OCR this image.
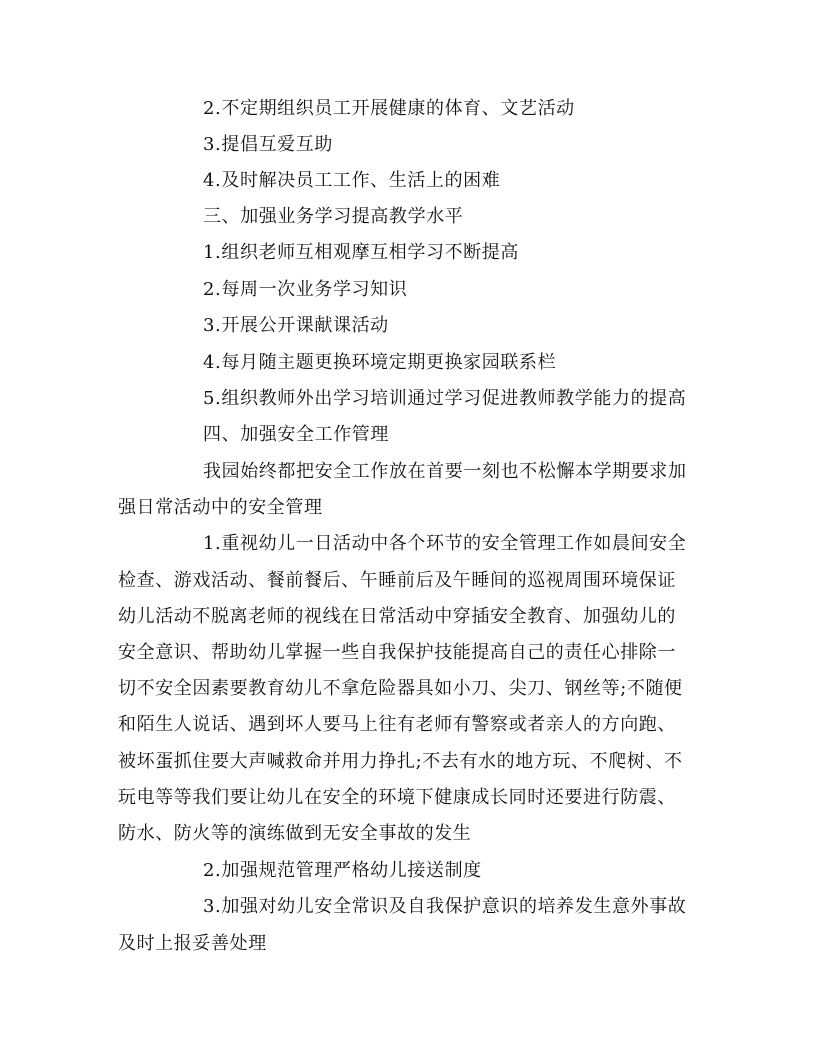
2.不定期组织员工开展健康的体育、文艺活动
3.提倡互爱互助
4.及时解决员工工作、生活上的困难
三、加强业务学习提高教学水平
1.组织老师互相观摩互相学习不断提高
2.每周一次业务学习知识
3.开展公开课献课活动
4.每月随主题更换环境定期更换家园联系栏
5.组织教师外出学习培训通过学习促进教师教学能力的提高
四、加强安全工作管理
我园始终都把安全工作放在首要一刻也不松懈本学期要求加
强日常活动中的安全管理
1.重视幼儿一日活动中各个环节的安全管理工作如晨间安全
检查、游戏活动、餐前餐后、午睡前后及午睡间的巡视周围环境保证
幼儿活动不脱离老师的视线在日常活动中穿插安全教育、加强幼儿的
安全意识、帮助幼儿掌握一些自我保护技能提高自己的责任心排除一
切不安全因素要教育幼儿不拿危险器具如小刀、尖刀、钢丝等;不随便
和陌生人说话、遇到坏人要马上往有老师有警察或者亲人的方向跑、
被坏蛋抓住要大声喊救命并用力挣扎;不去有水的地方玩、不爬树、不
玩电等等我们要让幼儿在安全的环境下健康成长同时还要进行防震、
防水、防火等的演练做到无安全事故的发生
2.加强规范管理严格幼儿接送制度
3.加强对幼儿安全常识及自我保护意识的培养发生意外事故
及时上报妥善处理
